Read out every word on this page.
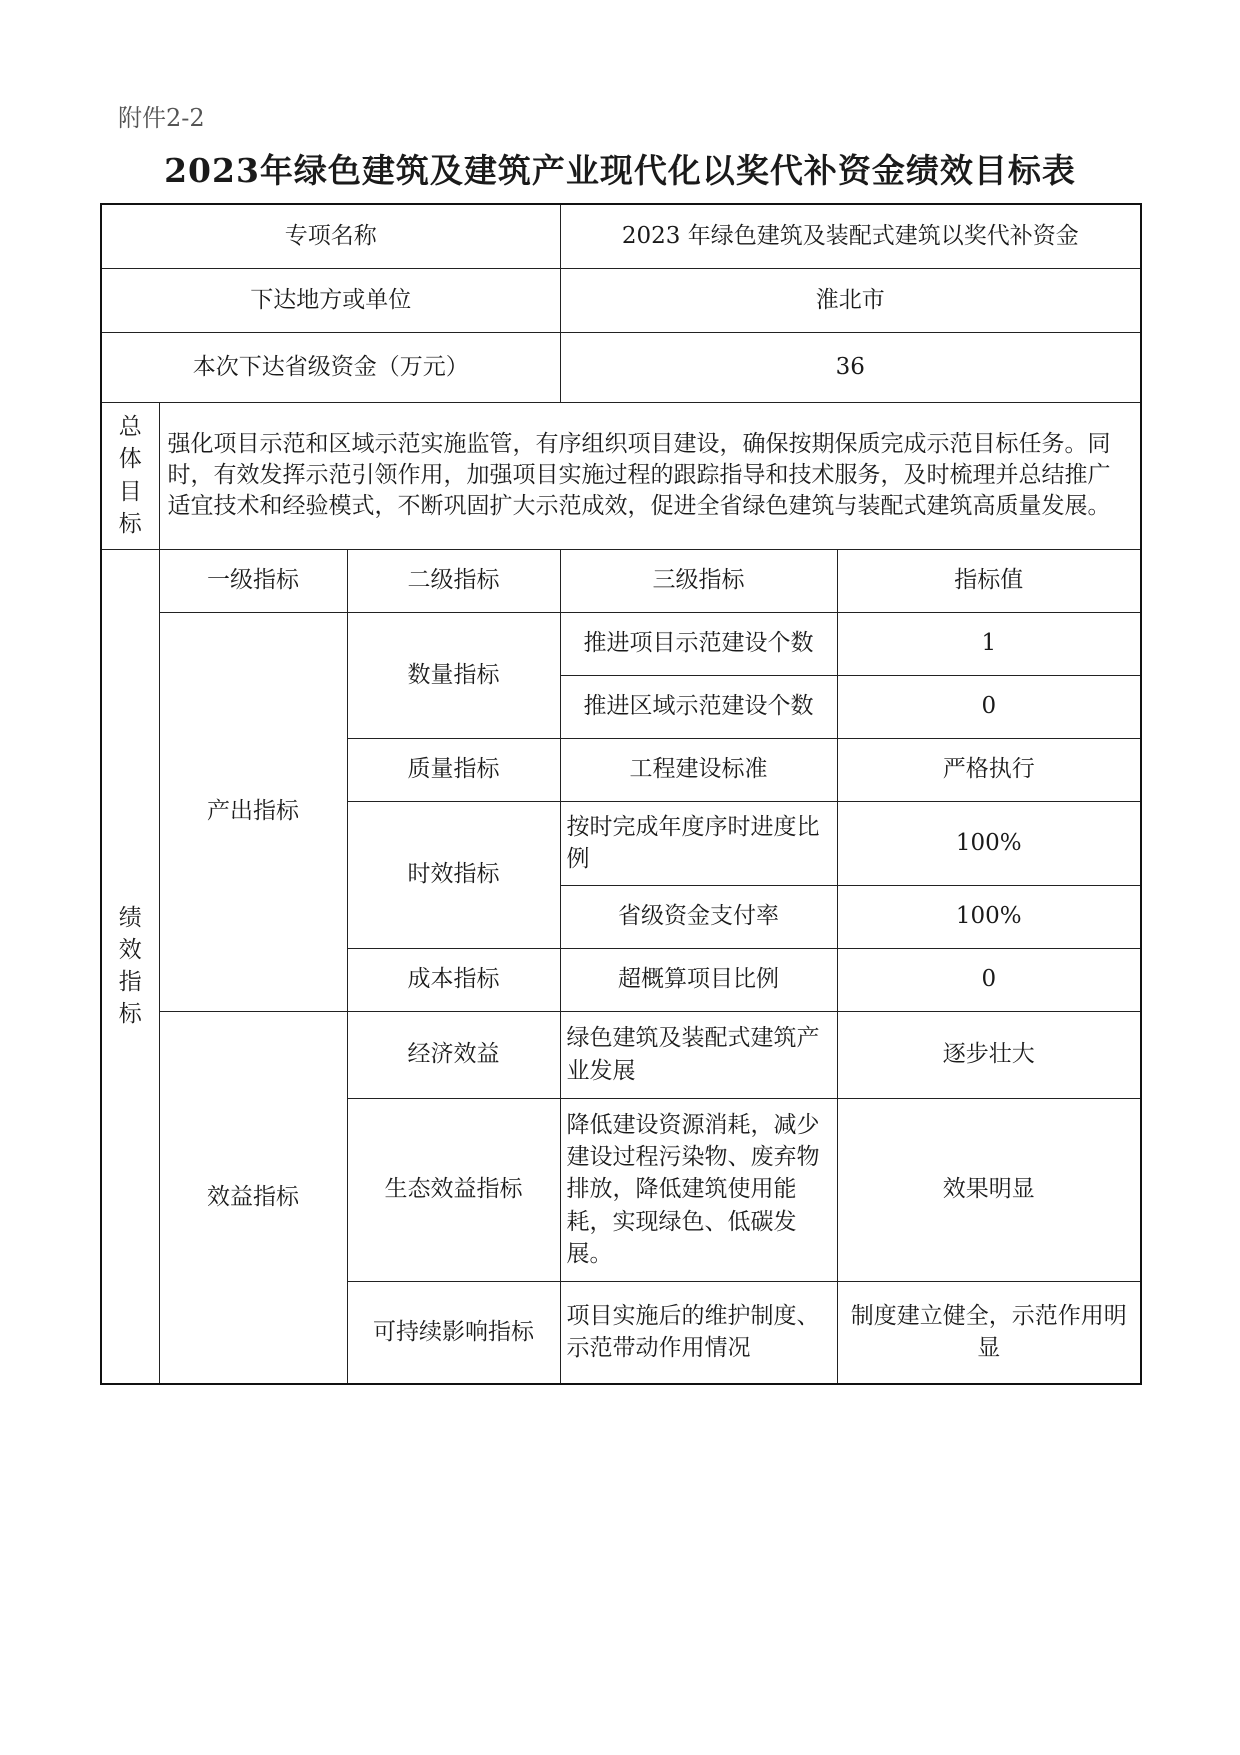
附件2-2
2023年绿色建筑及建筑产业现代化以奖代补资金绩效目标表
专项名称			2023 年绿色建筑及装配式建筑以奖代补资金	
下达地方或单位			淮北市	
本次下达省级资金（万元）			36	

总
体
目
标	强化项目示范和区域示范实施监管，有序组织项目建设，确保按期保质完成示范目标任务。同时，有效发挥示范引领作用，加强项目实施过程的跟踪指导和技术服务，及时梳理并总结推广适宜技术和经验模式，不断巩固扩大示范成效，促进全省绿色建筑与装配式建筑高质量发展。			

绩
效
指
标	一级指标	二级指标	三级指标	指标值
	产出指标	数量指标	推进项目示范建设个数	1
			推进区域示范建设个数	0
		质量指标	工程建设标准	严格执行
		时效指标	按时完成年度序时进度比例	100%
			省级资金支付率	100%
		成本指标	超概算项目比例	0
	效益指标	经济效益	绿色建筑及装配式建筑产业发展	逐步壮大
		生态效益指标	降低建设资源消耗，减少建设过程污染物、废弃物排放，降低建筑使用能耗，实现绿色、低碳发展。	效果明显
		可持续影响指标	项目实施后的维护制度、示范带动作用情况	制度建立健全，示范作用明显
